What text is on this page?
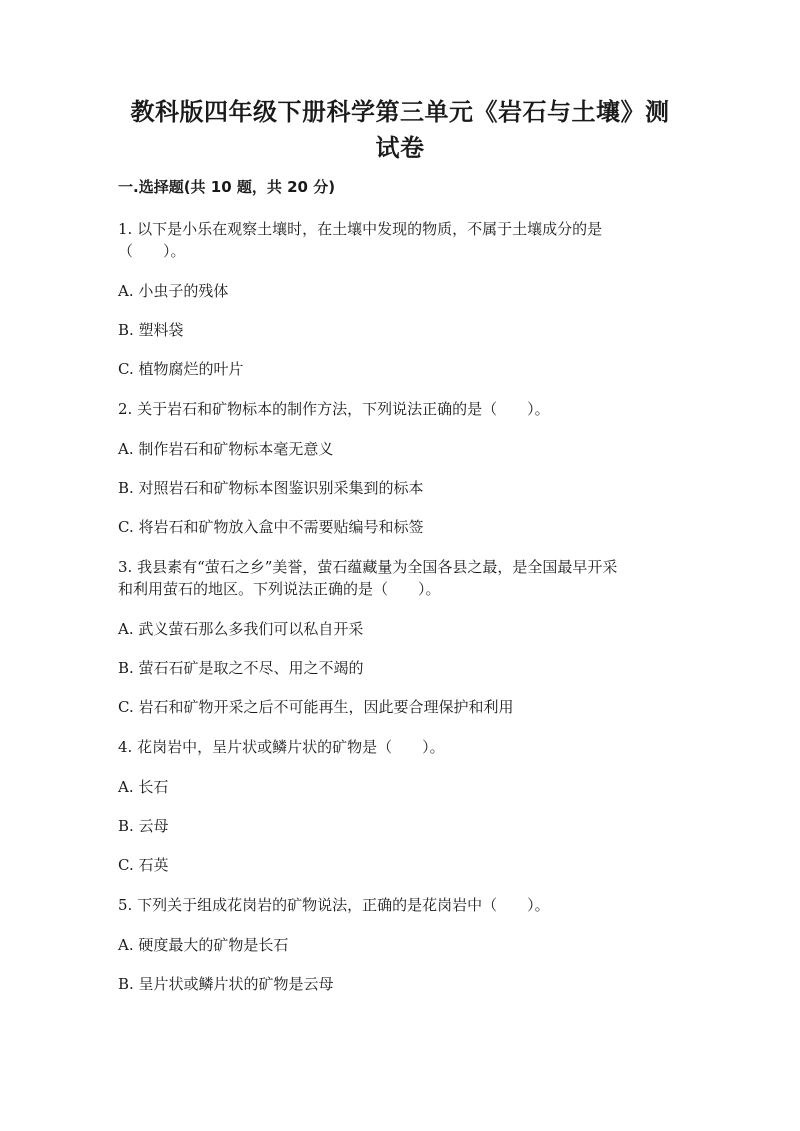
教科版四年级下册科学第三单元《岩石与土壤》测
试卷

一.选择题(共 10 题，共 20 分)

1. 以下是小乐在观察土壤时，在土壤中发现的物质，不属于土壤成分的是

（　　）。

A. 小虫子的残体

B. 塑料袋

C. 植物腐烂的叶片

2. 关于岩石和矿物标本的制作方法，下列说法正确的是（　　）。

A. 制作岩石和矿物标本毫无意义

B. 对照岩石和矿物标本图鉴识别采集到的标本

C. 将岩石和矿物放入盒中不需要贴编号和标签

3. 我县素有“萤石之乡”美誉，萤石蕴藏量为全国各县之最，是全国最早开采

和利用萤石的地区。下列说法正确的是（　　）。

A. 武义萤石那么多我们可以私自开采

B. 萤石石矿是取之不尽、用之不竭的

C. 岩石和矿物开采之后不可能再生，因此要合理保护和利用

4. 花岗岩中，呈片状或鳞片状的矿物是（　　）。

A. 长石

B. 云母

C. 石英

5. 下列关于组成花岗岩的矿物说法，正确的是花岗岩中（　　）。

A. 硬度最大的矿物是长石

B. 呈片状或鳞片状的矿物是云母
